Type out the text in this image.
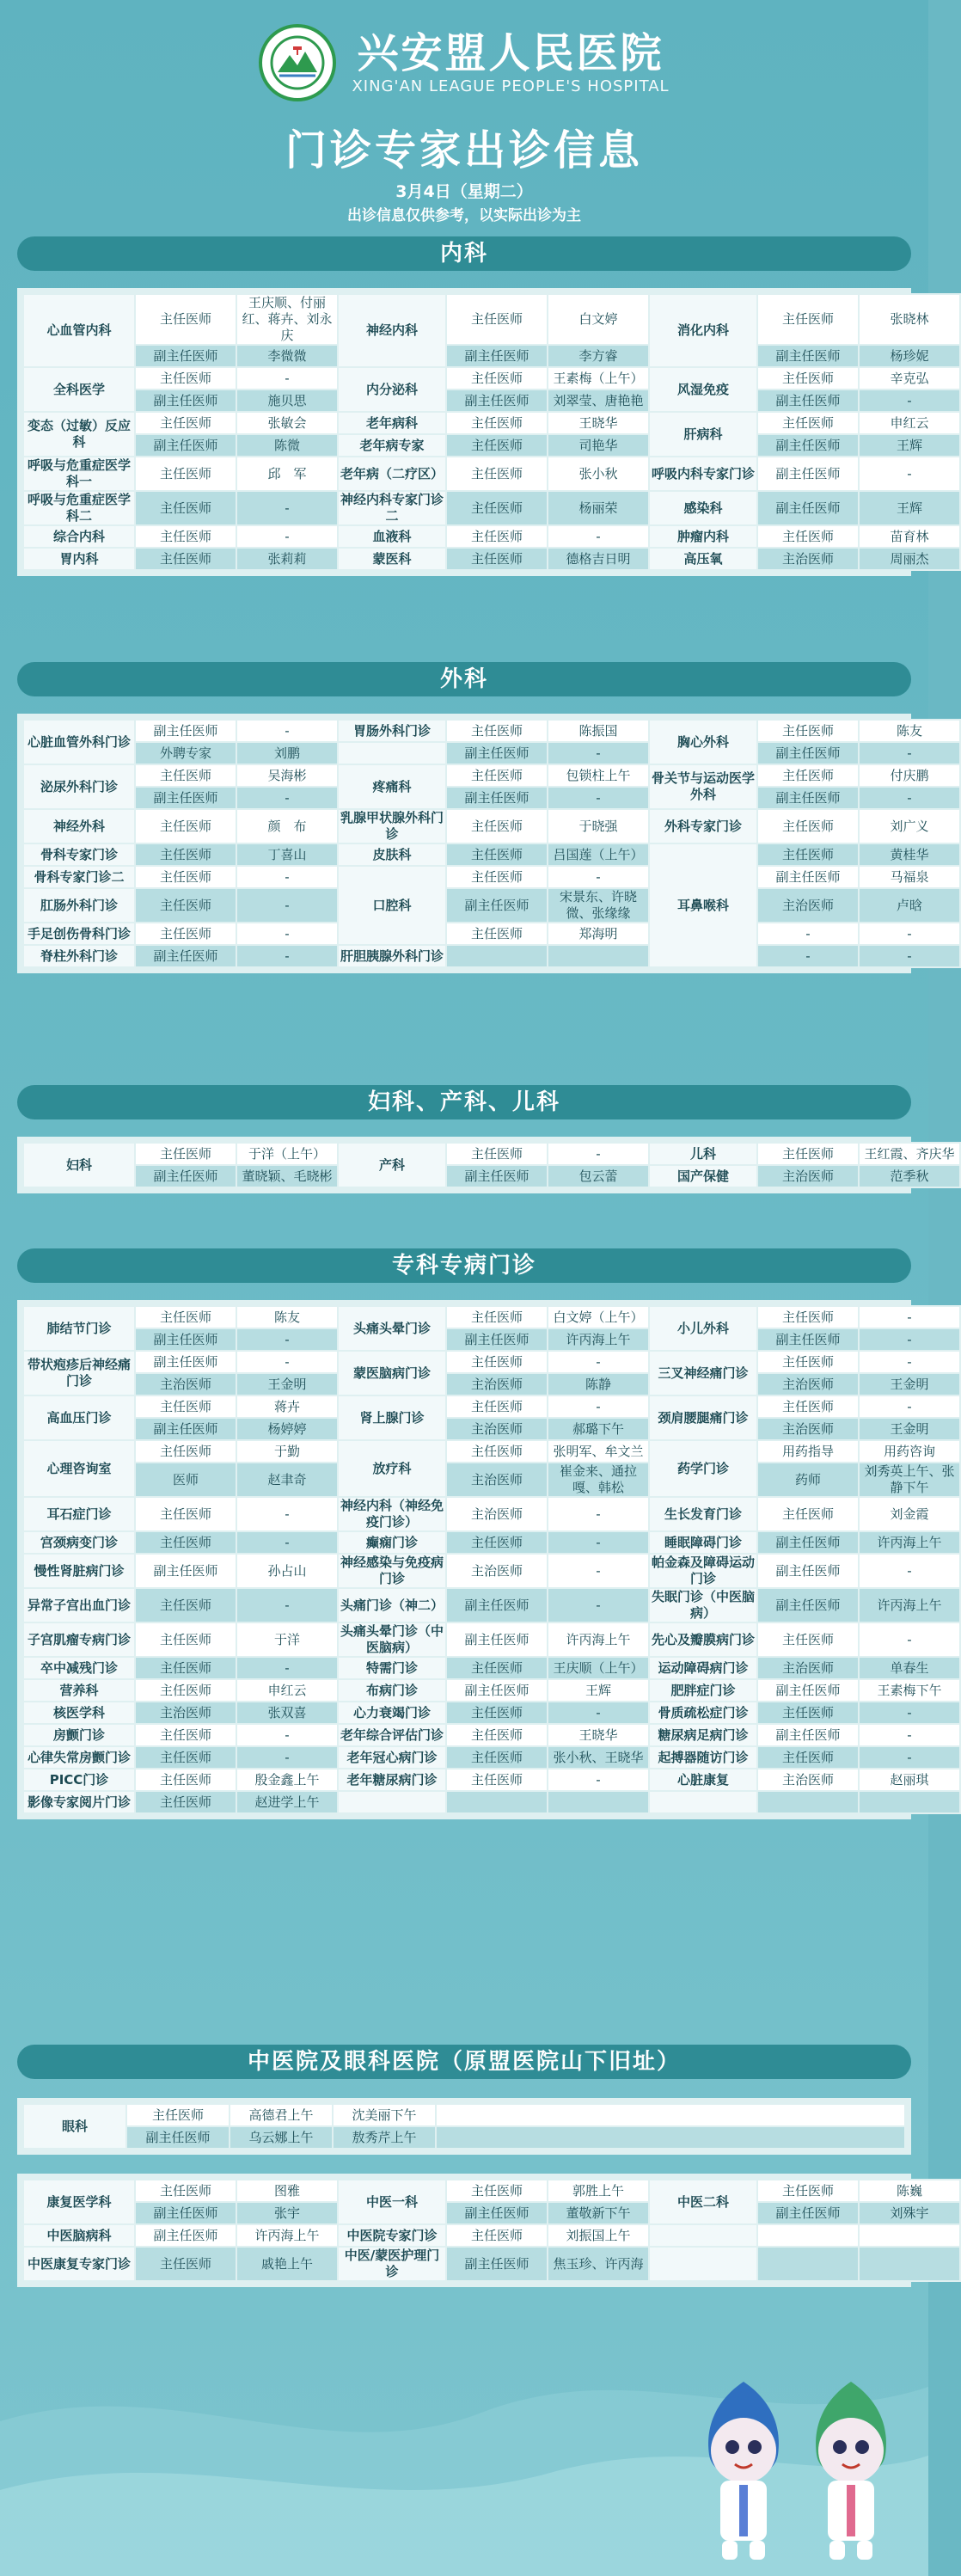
兴安盟人民医院
XING'AN LEAGUE PEOPLE'S HOSPITAL
门诊专家出诊信息
3月4日（星期二）
出诊信息仅供参考，以实际出诊为主
内科
心血管内科	主任医师	王庆顺、付丽红、蒋卉、刘永庆	神经内科	主任医师	白文婷	消化内科	主任医师	张晓林
	副主任医师	李微微		副主任医师	李方睿		副主任医师	杨珍妮
全科医学	主任医师	-	内分泌科	主任医师	王素梅（上午）	风湿免疫	主任医师	辛克弘
	副主任医师	施贝思		副主任医师	刘翠莹、唐艳艳		副主任医师	-
变态（过敏）反应科	主任医师	张敏会	老年病科	主任医师	王晓华	肝病科	主任医师	申红云
	副主任医师	陈微	老年病专家	主任医师	司艳华		副主任医师	王辉
呼吸与危重症医学科一	主任医师	邱　军	老年病（二疗区）	主任医师	张小秋	呼吸内科专家门诊	副主任医师	-
呼吸与危重症医学科二	主任医师	-	神经内科专家门诊二	主任医师	杨丽荣	感染科	副主任医师	王辉
综合内科	主任医师	-	血液科	主任医师	-	肿瘤内科	主任医师	苗育林
胃内科	主任医师	张莉莉	蒙医科	主任医师	德格吉日明	高压氧	主治医师	周丽杰
外科
心脏血管外科门诊	副主任医师	-	胃肠外科门诊	主任医师	陈振国	胸心外科	主任医师	陈友
	外聘专家	刘鹏		副主任医师	-		副主任医师	-
泌尿外科门诊	主任医师	吴海彬	疼痛科	主任医师	包锁柱上午	骨关节与运动医学外科	主任医师	付庆鹏
	副主任医师	-		副主任医师	-		副主任医师	-
神经外科	主任医师	颜　布	乳腺甲状腺外科门诊	主任医师	于晓强	外科专家门诊	主任医师	刘广义
骨科专家门诊	主任医师	丁喜山	皮肤科	主任医师	吕国莲（上午）	耳鼻喉科	主任医师	黄桂华
骨科专家门诊二	主任医师	-	口腔科	主任医师	-		副主任医师	马福泉
肛肠外科门诊	主任医师	-		副主任医师	宋景东、许晓微、张缘缘		主治医师	卢晗
手足创伤骨科门诊	主任医师	-		主任医师	郑海明		-	-
脊柱外科门诊	副主任医师	-	肝胆胰腺外科门诊				-	-
妇科、产科、儿科
妇科	主任医师	于洋（上午）	产科	主任医师	-	儿科	主任医师	王红霞、齐庆华
	副主任医师	董晓颖、毛晓彬		副主任医师	包云蕾	国产保健	主治医师	范季秋
专科专病门诊
肺结节门诊	主任医师	陈友	头痛头晕门诊	主任医师	白文婷（上午）	小儿外科	主任医师	-
	副主任医师	-		副主任医师	许丙海上午		副主任医师	-
带状疱疹后神经痛门诊	副主任医师	-	蒙医脑病门诊	主任医师	-	三叉神经痛门诊	主任医师	-
	主治医师	王金明		主治医师	陈静		主治医师	王金明
高血压门诊	主任医师	蒋卉	肾上腺门诊	主任医师	-	颈肩腰腿痛门诊	主任医师	-
	副主任医师	杨婷婷		主治医师	郝璐下午		主治医师	王金明
心理咨询室	主任医师	于勤	放疗科	主任医师	张明军、牟文兰	药学门诊	用药指导	用药咨询
	医师	赵聿奇		主治医师	崔金来、通拉嘎、韩松		药师	刘秀英上午、张静下午
耳石症门诊	主任医师	-	神经内科（神经免疫门诊）	主治医师	-	生长发育门诊	主任医师	刘金霞
宫颈病变门诊	主任医师	-	癫痫门诊	主任医师	-	睡眠障碍门诊	副主任医师	许丙海上午
慢性肾脏病门诊	副主任医师	孙占山	神经感染与免疫病门诊	主治医师	-	帕金森及障碍运动门诊	副主任医师	-
异常子宫出血门诊	主任医师	-	头痛门诊（神二）	副主任医师	-	失眠门诊（中医脑病）	副主任医师	许丙海上午
子宫肌瘤专病门诊	主任医师	于洋	头痛头晕门诊（中医脑病）	副主任医师	许丙海上午	先心及瓣膜病门诊	主任医师	-
卒中减残门诊	主任医师	-	特需门诊	主任医师	王庆顺（上午）	运动障碍病门诊	主治医师	单春生
营养科	主任医师	申红云	布病门诊	副主任医师	王辉	肥胖症门诊	副主任医师	王素梅下午
核医学科	主治医师	张双喜	心力衰竭门诊	主任医师	-	骨质疏松症门诊	主任医师	-
房颤门诊	主任医师	-	老年综合评估门诊	主任医师	王晓华	糖尿病足病门诊	副主任医师	-
心律失常房颤门诊	主任医师	-	老年冠心病门诊	主任医师	张小秋、王晓华	起搏器随访门诊	主任医师	-
PICC门诊	主任医师	殷金鑫上午	老年糖尿病门诊	主任医师	-	心脏康复	主治医师	赵丽琪
影像专家阅片门诊	主任医师	赵进学上午						
中医院及眼科医院（原盟医院山下旧址）
眼科	主任医师	高德君上午	沈美丽下午	
	副主任医师	乌云娜上午	敖秀芹上午	
康复医学科	主任医师	图雅	中医一科	主任医师	郭胜上午	中医二科	主任医师	陈巍
	副主任医师	张宇		副主任医师	董敬新下午		副主任医师	刘殊宇
中医脑病科	副主任医师	许丙海上午	中医院专家门诊	主任医师	刘振国上午			
中医康复专家门诊	主任医师	戚艳上午	中医/蒙医护理门诊	副主任医师	焦玉珍、许丙海			
